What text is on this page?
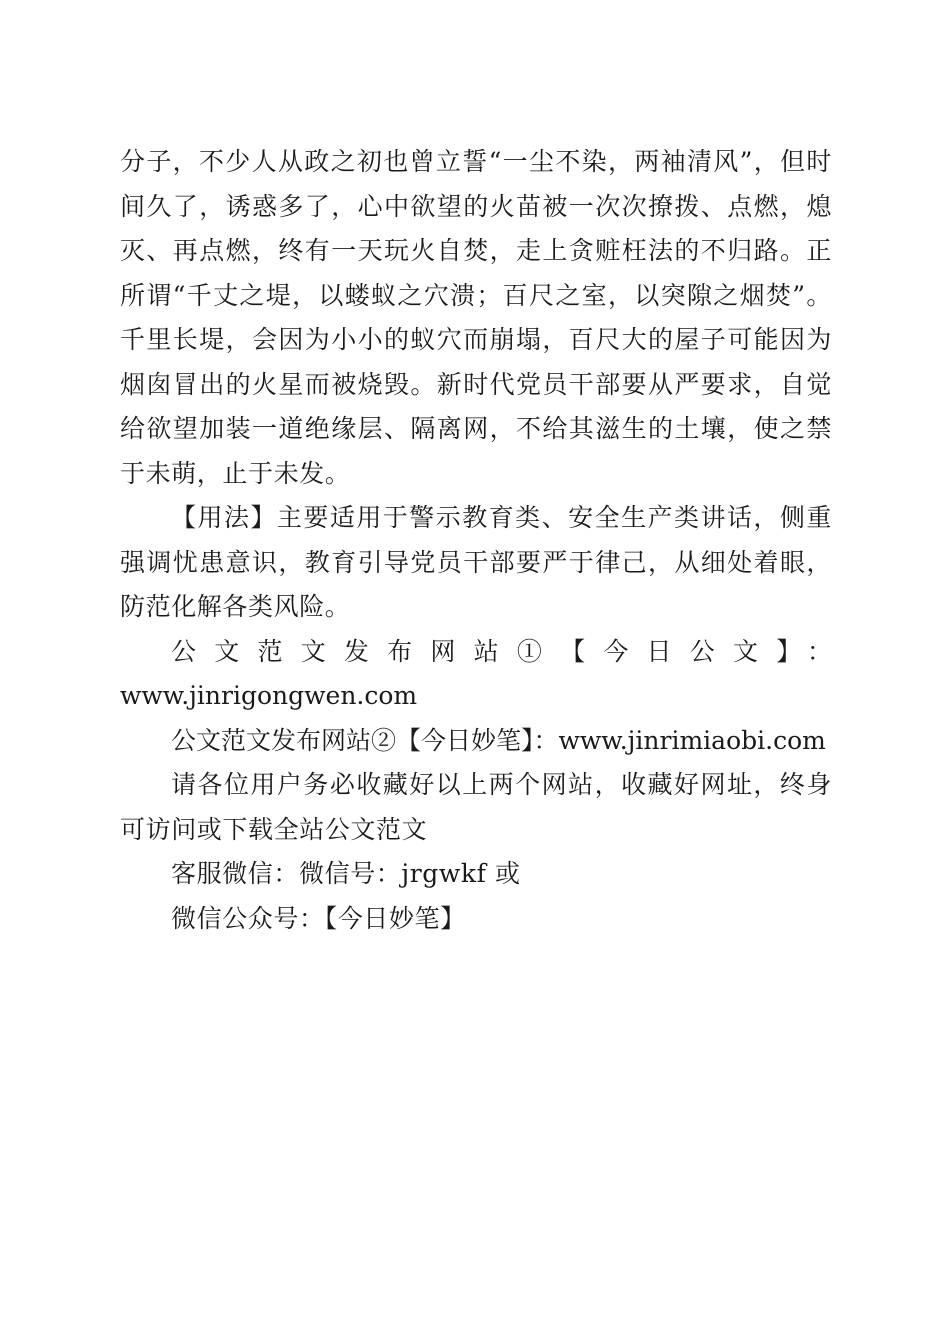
分子，不少人从政之初也曾立誓“一尘不染，两袖清风”，但时间久了，诱惑多了，心中欲望的火苗被一次次撩拨、点燃，熄灭、再点燃，终有一天玩火自焚，走上贪赃枉法的不归路。正所谓“千丈之堤，以蝼蚁之穴溃；百尺之室，以突隙之烟焚”。千里长堤，会因为小小的蚁穴而崩塌，百尺大的屋子可能因为烟囱冒出的火星而被烧毁。新时代党员干部要从严要求，自觉给欲望加装一道绝缘层、隔离网，不给其滋生的土壤，使之禁于未萌，止于未发。

【用法】主要适用于警示教育类、安全生产类讲话，侧重强调忧患意识，教育引导党员干部要严于律己，从细处着眼，防范化解各类风险。

公文范文发布网站①【今日公文】：
www.jinrigongwen.com

公文范文发布网站②【今日妙笔】：www.jinrimiaobi.com

请各位用户务必收藏好以上两个网站，收藏好网址，终身可访问或下载全站公文范文

客服微信：微信号：jrgwkf 或

微信公众号：【今日妙笔】
